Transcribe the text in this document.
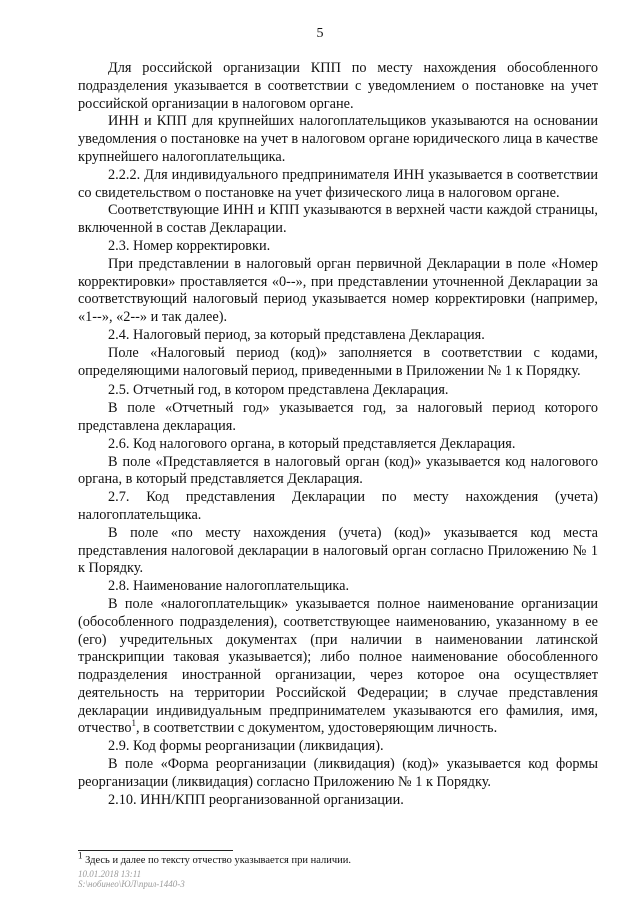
5

Для российской организации КПП по месту нахождения обособленного подразделения указывается в соответствии с уведомлением о постановке на учет российской организации в налоговом органе.

ИНН и КПП для крупнейших налогоплательщиков указываются на основании уведомления о постановке на учет в налоговом органе юридического лица в качестве крупнейшего налогоплательщика.

2.2.2. Для индивидуального предпринимателя ИНН указывается в соответствии со свидетельством о постановке на учет физического лица в налоговом органе.

Соответствующие ИНН и КПП указываются в верхней части каждой страницы, включенной в состав Декларации.

2.3. Номер корректировки.

При представлении в налоговый орган первичной Декларации в поле «Номер корректировки» проставляется «0--», при представлении уточненной Декларации за соответствующий налоговый период указывается номер корректировки (например, «1--», «2--» и так далее).

2.4. Налоговый период, за который представлена Декларация.

Поле «Налоговый период (код)» заполняется в соответствии с кодами, определяющими налоговый период, приведенными в Приложении № 1 к Порядку.

2.5. Отчетный год, в котором представлена Декларация.

В поле «Отчетный год» указывается год, за налоговый период которого представлена декларация.

2.6. Код налогового органа, в который представляется Декларация.

В поле «Представляется в налоговый орган (код)» указывается код налогового органа, в который представляется Декларация.

2.7. Код представления Декларации по месту нахождения (учета) налогоплательщика.

В поле «по месту нахождения (учета) (код)» указывается код места представления налоговой декларации в налоговый орган согласно Приложению № 1 к Порядку.

2.8. Наименование налогоплательщика.

В поле «налогоплательщик» указывается полное наименование организации (обособленного подразделения), соответствующее наименованию, указанному в ее (его) учредительных документах (при наличии в наименовании латинской транскрипции таковая указывается); либо полное наименование обособленного подразделения иностранной организации, через которое она осуществляет деятельность на территории Российской Федерации; в случае представления декларации индивидуальным предпринимателем указываются его фамилия, имя, отчество$^1$, в соответствии с документом, удостоверяющим личность.

2.9. Код формы реорганизации (ликвидация).

В поле «Форма реорганизации (ликвидация) (код)» указывается код формы реорганизации (ликвидация) согласно Приложению № 1 к Порядку.

2.10. ИНН/КПП реорганизованной организации.

$^1$ Здесь и далее по тексту отчество указывается при наличии.
10.01.2018 13:11
Ѕ:\нобинео\ЮЛ\прил-1440-3
